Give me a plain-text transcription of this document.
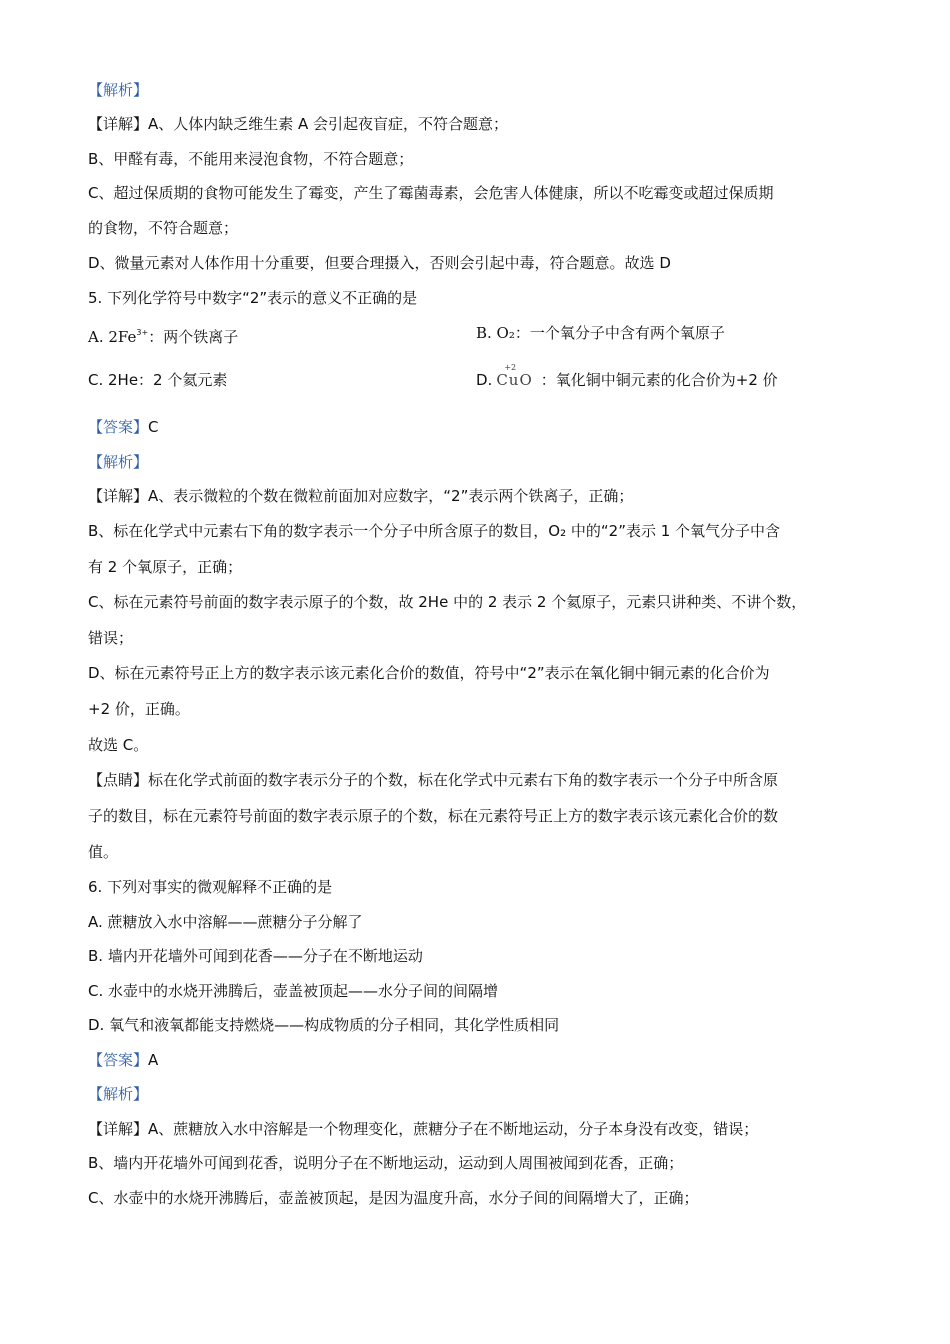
【解析】
【详解】A、人体内缺乏维生素 A 会引起夜盲症，不符合题意；
B、甲醛有毒，不能用来浸泡食物，不符合题意；
C、超过保质期的食物可能发生了霉变，产生了霉菌毒素，会危害人体健康，所以不吃霉变或超过保质期
的食物，不符合题意；
D、微量元素对人体作用十分重要，但要合理摄入，否则会引起中毒，符合题意。故选 D
5. 下列化学符号中数字“2”表示的意义不正确的是
A. $2Fe^{3+}$：两个铁离子	B. O₂：一个氧分子中含有两个氧原子
C. 2He：2 个氦元素	D.
+2
CuO ：氧化铜中铜元素的化合价为+2 价
【答案】C
【解析】
【详解】A、表示微粒的个数在微粒前面加对应数字，“2”表示两个铁离子，正确；
B、标在化学式中元素右下角的数字表示一个分子中所含原子的数目，O₂ 中的“2”表示 1 个氧气分子中含
有 2 个氧原子，正确；
C、标在元素符号前面的数字表示原子的个数，故 2He 中的 2 表示 2 个氦原子，元素只讲种类、不讲个数，
错误；
D、标在元素符号正上方的数字表示该元素化合价的数值，符号中“2”表示在氧化铜中铜元素的化合价为
+2 价，正确。
故选 C。
【点睛】标在化学式前面的数字表示分子的个数，标在化学式中元素右下角的数字表示一个分子中所含原
子的数目，标在元素符号前面的数字表示原子的个数，标在元素符号正上方的数字表示该元素化合价的数
值。
6. 下列对事实的微观解释不正确的是
A. 蔗糖放入水中溶解——蔗糖分子分解了
B. 墙内开花墙外可闻到花香——分子在不断地运动
C. 水壶中的水烧开沸腾后，壶盖被顶起——水分子间的间隔增
D. 氧气和液氧都能支持燃烧——构成物质的分子相同，其化学性质相同
【答案】A
【解析】
【详解】A、蔗糖放入水中溶解是一个物理变化，蔗糖分子在不断地运动，分子本身没有改变，错误；
B、墙内开花墙外可闻到花香，说明分子在不断地运动，运动到人周围被闻到花香，正确；
C、水壶中的水烧开沸腾后，壶盖被顶起，是因为温度升高，水分子间的间隔增大了，正确；
